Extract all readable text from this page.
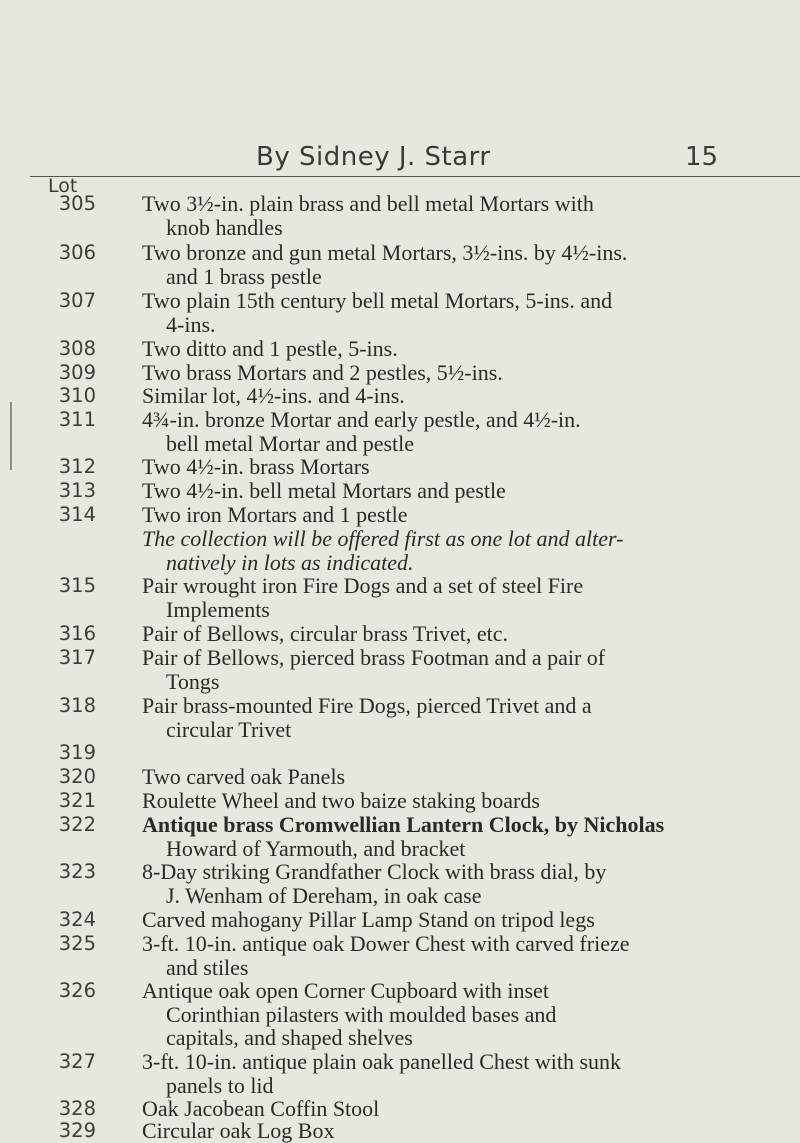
By Sidney J. Starr	15
Lot
305 Two 3½-in. plain brass and bell metal Mortars with
knob handles
306 Two bronze and gun metal Mortars, 3½-ins. by 4½-ins.
and 1 brass pestle
307 Two plain 15th century bell metal Mortars, 5-ins. and
4-ins.
308 Two ditto and 1 pestle, 5-ins.
309 Two brass Mortars and 2 pestles, 5½-ins.
310 Similar lot, 4½-ins. and 4-ins.
311 4¾-in. bronze Mortar and early pestle, and 4½-in.
bell metal Mortar and pestle
312 Two 4½-in. brass Mortars
313 Two 4½-in. bell metal Mortars and pestle
314 Two iron Mortars and 1 pestle
The collection will be offered first as one lot and alter-
natively in lots as indicated.
315 Pair wrought iron Fire Dogs and a set of steel Fire
Implements
316 Pair of Bellows, circular brass Trivet, etc.
317 Pair of Bellows, pierced brass Footman and a pair of
Tongs
318 Pair brass-mounted Fire Dogs, pierced Trivet and a
circular Trivet
319
320 Two carved oak Panels
321 Roulette Wheel and two baize staking boards
322 Antique brass Cromwellian Lantern Clock, by Nicholas
Howard of Yarmouth, and bracket
323 8-Day striking Grandfather Clock with brass dial, by
J. Wenham of Dereham, in oak case
324 Carved mahogany Pillar Lamp Stand on tripod legs
325 3-ft. 10-in. antique oak Dower Chest with carved frieze
and stiles
326 Antique oak open Corner Cupboard with inset
Corinthian pilasters with moulded bases and
capitals, and shaped shelves
327 3-ft. 10-in. antique plain oak panelled Chest with sunk
panels to lid
328 Oak Jacobean Coffin Stool
329 Circular oak Log Box
